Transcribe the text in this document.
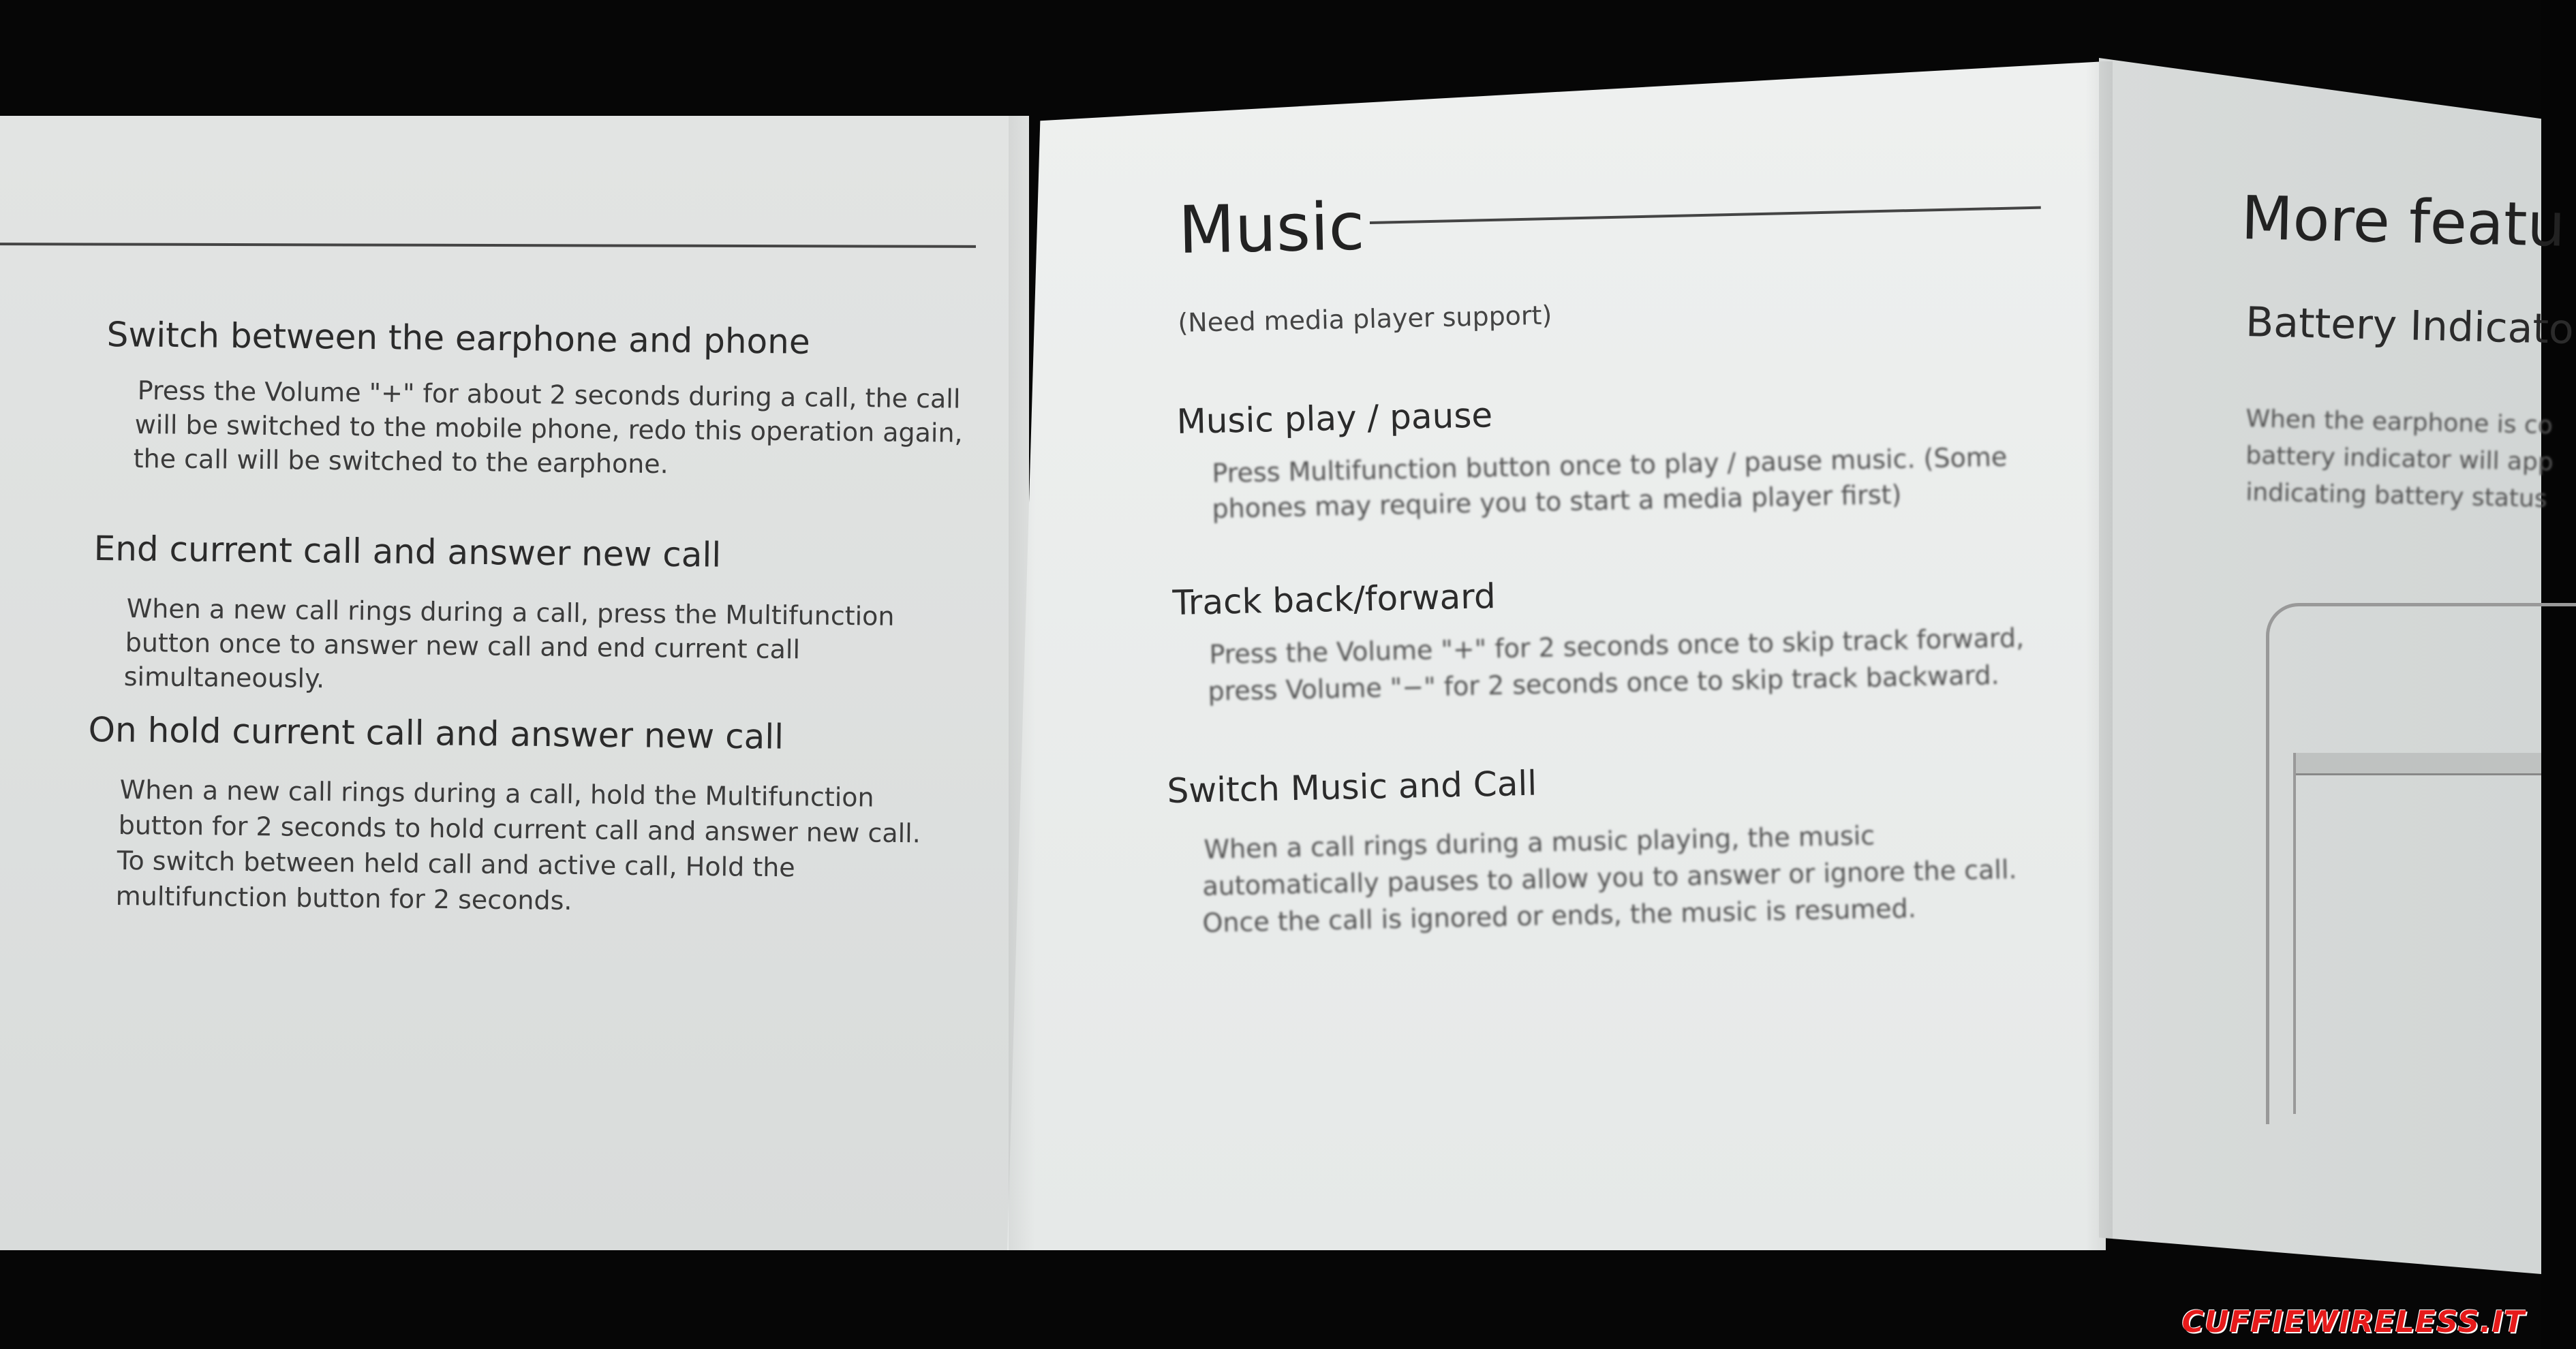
Switch between the earphone and phone

Press the Volume "+" for about 2 seconds during a call, the call

will be switched to the mobile phone, redo this operation again,

the call will be switched to the earphone.

End current call and answer new call

When a new call rings during a call, press the Multifunction

button once to answer new call and end current call

simultaneously.

On hold current call and answer new call

When a new call rings during a call, hold the Multifunction

button for 2 seconds to hold current call and answer new call.

To switch between held call and active call, Hold the

multifunction button for 2 seconds.

Music

(Need media player support)

Music play / pause

Press Multifunction button once to play / pause music. (Some

phones may require you to start a media player first)

Track back/forward

Press the Volume "+" for 2 seconds once to skip track forward,

press Volume "−" for 2 seconds once to skip track backward.

Switch Music and Call

When a call rings during a music playing, the music

automatically pauses to allow you to answer or ignore the call.

Once the call is ignored or ends, the music is resumed.

More featu

Battery Indicato

When the earphone is co

battery indicator will app

indicating battery status

CUFFIEWIRELESS.IT
